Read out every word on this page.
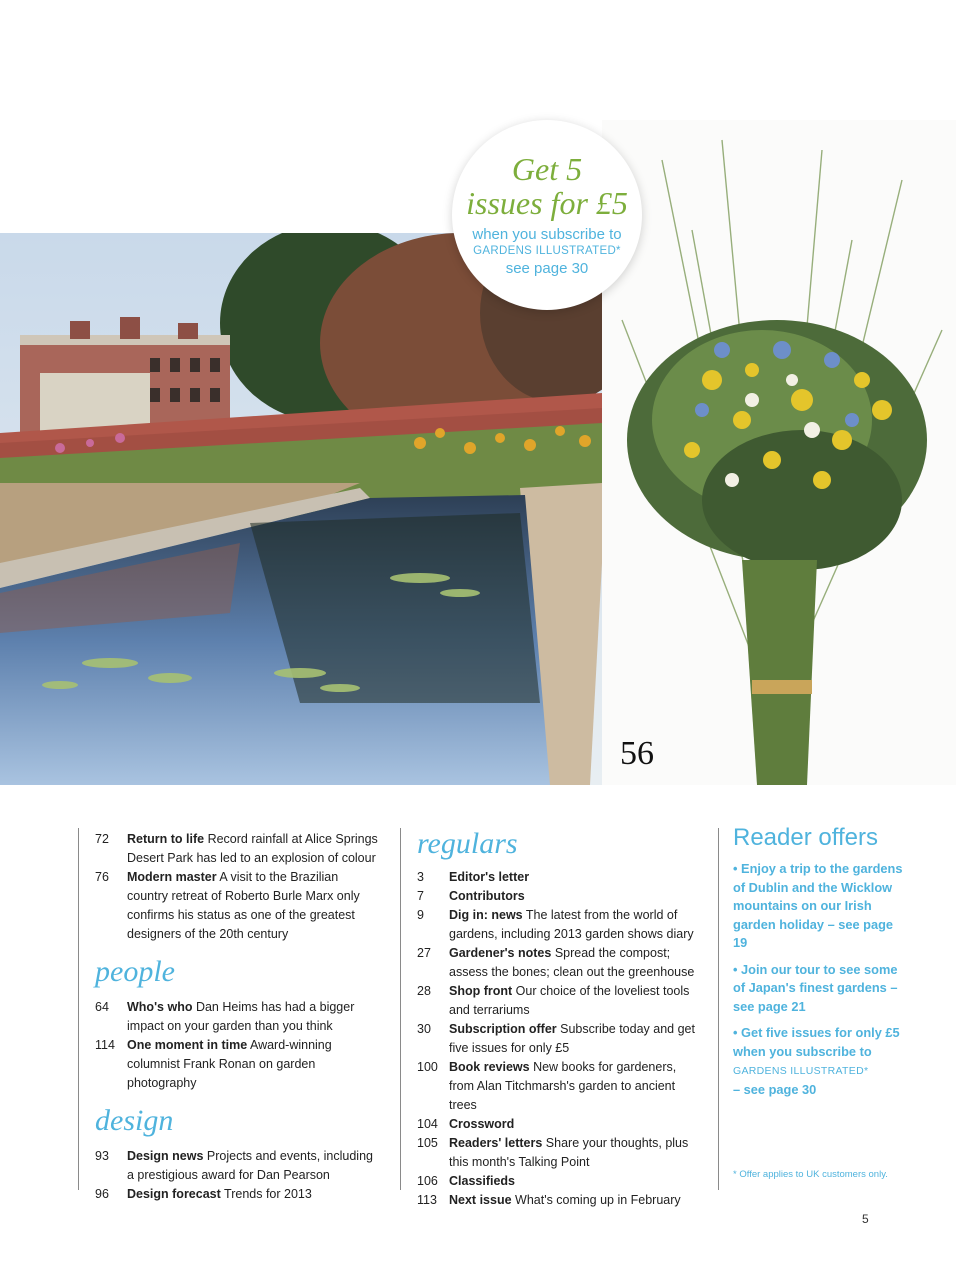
56
Get 5
issues for £5
when you subscribe to
GARDENS ILLUSTRATED*
see page 30
72	Return to life Record rainfall at Alice Springs Desert Park has led to an explosion of colour
76	Modern master A visit to the Brazilian country retreat of Roberto Burle Marx only confirms his status as one of the greatest designers of the 20th century
people
64	Who's who Dan Heims has had a bigger impact on your garden than you think
114 One moment in time Award-winning columnist Frank Ronan on garden photography
design
93	Design news Projects and events, including a prestigious award for Dan Pearson
96	Design forecast Trends for 2013
regulars
3	Editor's letter
7	Contributors
9	Dig in: news The latest from the world of gardens, including 2013 garden shows diary
27	Gardener's notes Spread the compost; assess the bones; clean out the greenhouse
28	Shop front Our choice of the loveliest tools and terrariums
30	Subscription offer Subscribe today and get five issues for only £5
100 Book reviews New books for gardeners, from Alan Titchmarsh's garden to ancient trees
104 Crossword
105 Readers' letters Share your thoughts, plus this month's Talking Point
106 Classifieds
113 Next issue What's coming up in February
Reader offers
• Enjoy a trip to the gardens of Dublin and the Wicklow mountains on our Irish garden holiday – see page 19
• Join our tour to see some of Japan's finest gardens – see page 21
• Get five issues for only £5 when you subscribe to
GARDENS ILLUSTRATED*
– see page 30
* Offer applies to UK customers only.
5
